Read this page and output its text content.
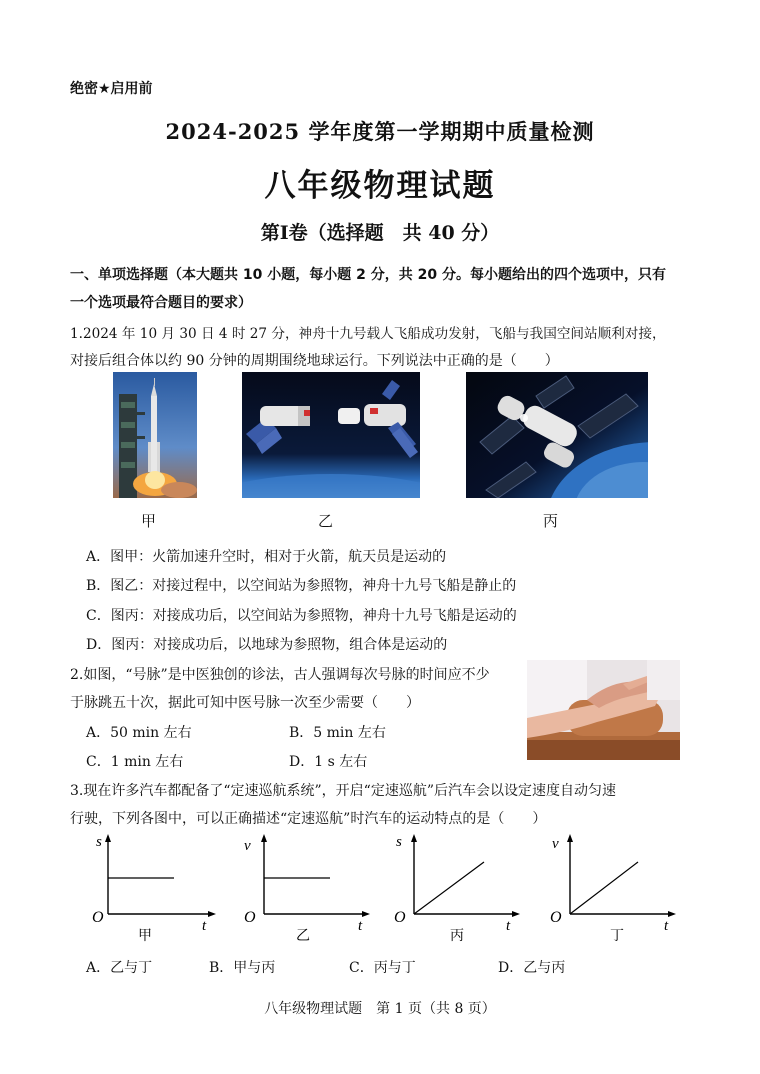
绝密★启用前
2024-2025 学年度第一学期期中质量检测
八年级物理试题
第Ⅰ卷（选择题　共 40 分）
一、单项选择题（本大题共 10 小题，每小题 2 分，共 20 分。每小题给出的四个选项中，只有
一个选项最符合题目的要求）
1.2024 年 10 月 30 日 4 时 27 分，神舟十九号载人飞船成功发射，飞船与我国空间站顺利对接，
对接后组合体以约 90 分钟的周期围绕地球运行。下列说法中正确的是（　　）
甲	乙	丙
A．图甲：火箭加速升空时，相对于火箭，航天员是运动的
B．图乙：对接过程中，以空间站为参照物，神舟十九号飞船是静止的
C．图丙：对接成功后，以空间站为参照物，神舟十九号飞船是运动的
D．图丙：对接成功后，以地球为参照物，组合体是运动的
2.如图，“号脉”是中医独创的诊法，古人强调每次号脉的时间应不少
于脉跳五十次，据此可知中医号脉一次至少需要（　　）
A．50 min 左右	B．5 min 左右
C．1 min 左右	D．1 s 左右
3.现在许多汽车都配备了“定速巡航系统”，开启“定速巡航”后汽车会以设定速度自动匀速
行驶，下列各图中，可以正确描述“定速巡航”时汽车的运动特点的是（　　）
s
O	t
甲
v
O	t
乙
s
O	t
丙
v
O	t
丁
A．乙与丁	B．甲与丙	C．丙与丁	D．乙与丙
八年级物理试题　第 1 页（共 8 页）
